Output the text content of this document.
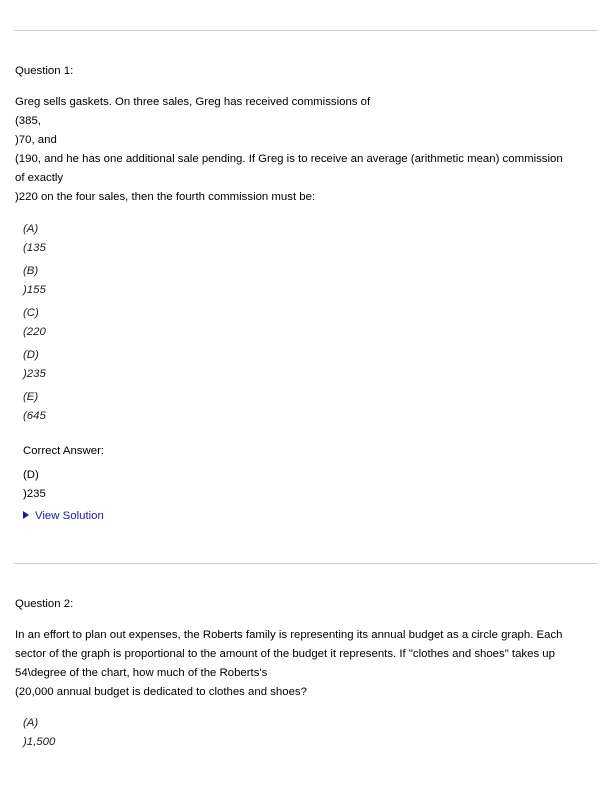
Question 1:
Greg sells gaskets. On three sales, Greg has received commissions of
(385,
)70, and
(190, and he has one additional sale pending. If Greg is to receive an average (arithmetic mean) commission
of exactly
)220 on the four sales, then the fourth commission must be:
(A)
(135
(B)
)155
(C)
(220
(D)
)235
(E)
(645
Correct Answer:
(D)
)235
View Solution
Question 2:
In an effort to plan out expenses, the Roberts family is representing its annual budget as a circle graph. Each
sector of the graph is proportional to the amount of the budget it represents. If "clothes and shoes" takes up
54\degree of the chart, how much of the Roberts's
(20,000 annual budget is dedicated to clothes and shoes?
(A)
)1,500
